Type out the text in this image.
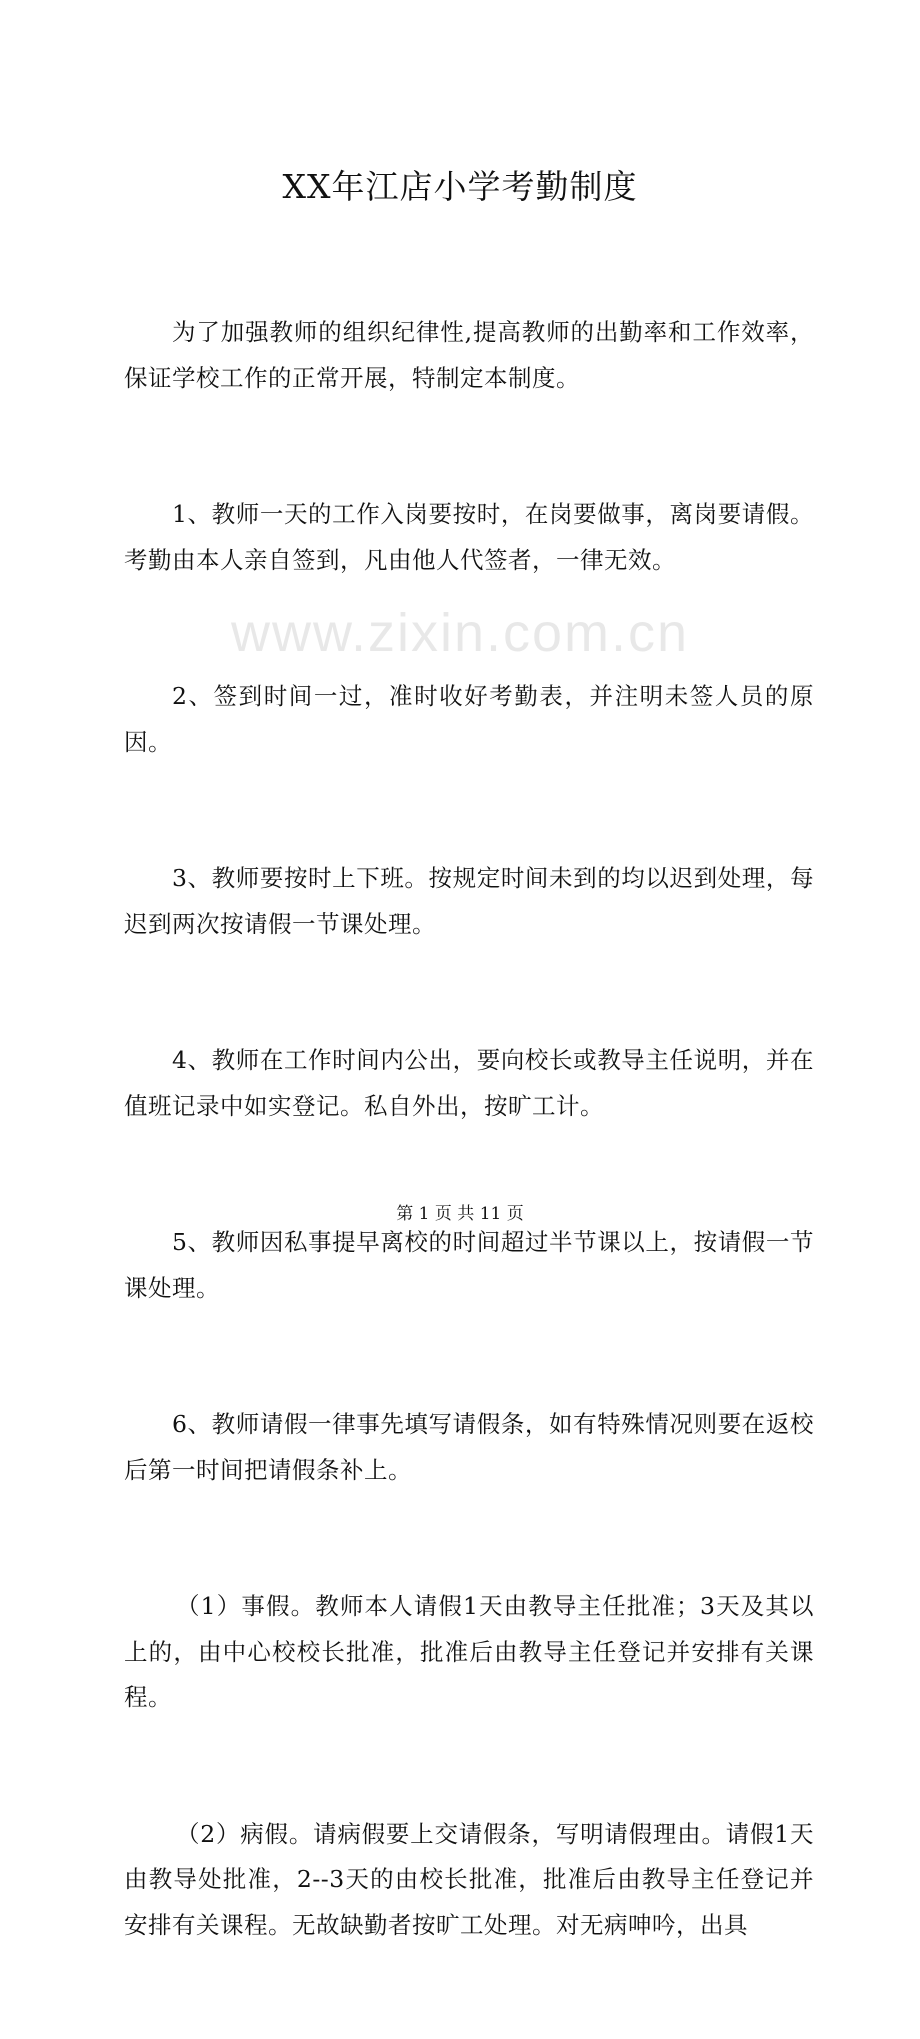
XX年江店小学考勤制度

为了加强教师的组织纪律性,提高教师的出勤率和工作效率，保证学校工作的正常开展，特制定本制度。

1、教师一天的工作入岗要按时，在岗要做事，离岗要请假。考勤由本人亲自签到，凡由他人代签者，一律无效。

2、签到时间一过，准时收好考勤表，并注明未签人员的原因。

3、教师要按时上下班。按规定时间未到的均以迟到处理，每迟到两次按请假一节课处理。

4、教师在工作时间内公出，要向校长或教导主任说明，并在值班记录中如实登记。私自外出，按旷工计。

5、教师因私事提早离校的时间超过半节课以上，按请假一节课处理。

6、教师请假一律事先填写请假条，如有特殊情况则要在返校后第一时间把请假条补上。

（1）事假。教师本人请假1天由教导主任批准；3天及其以上的，由中心校校长批准，批准后由教导主任登记并安排有关课程。

（2）病假。请病假要上交请假条，写明请假理由。请假1天由教导处批准，2--3天的由校长批准，批准后由教导主任登记并安排有关课程。无故缺勤者按旷工处理。对无病呻吟，出具

www.zixin.com.cn
第 1 页 共 11 页
